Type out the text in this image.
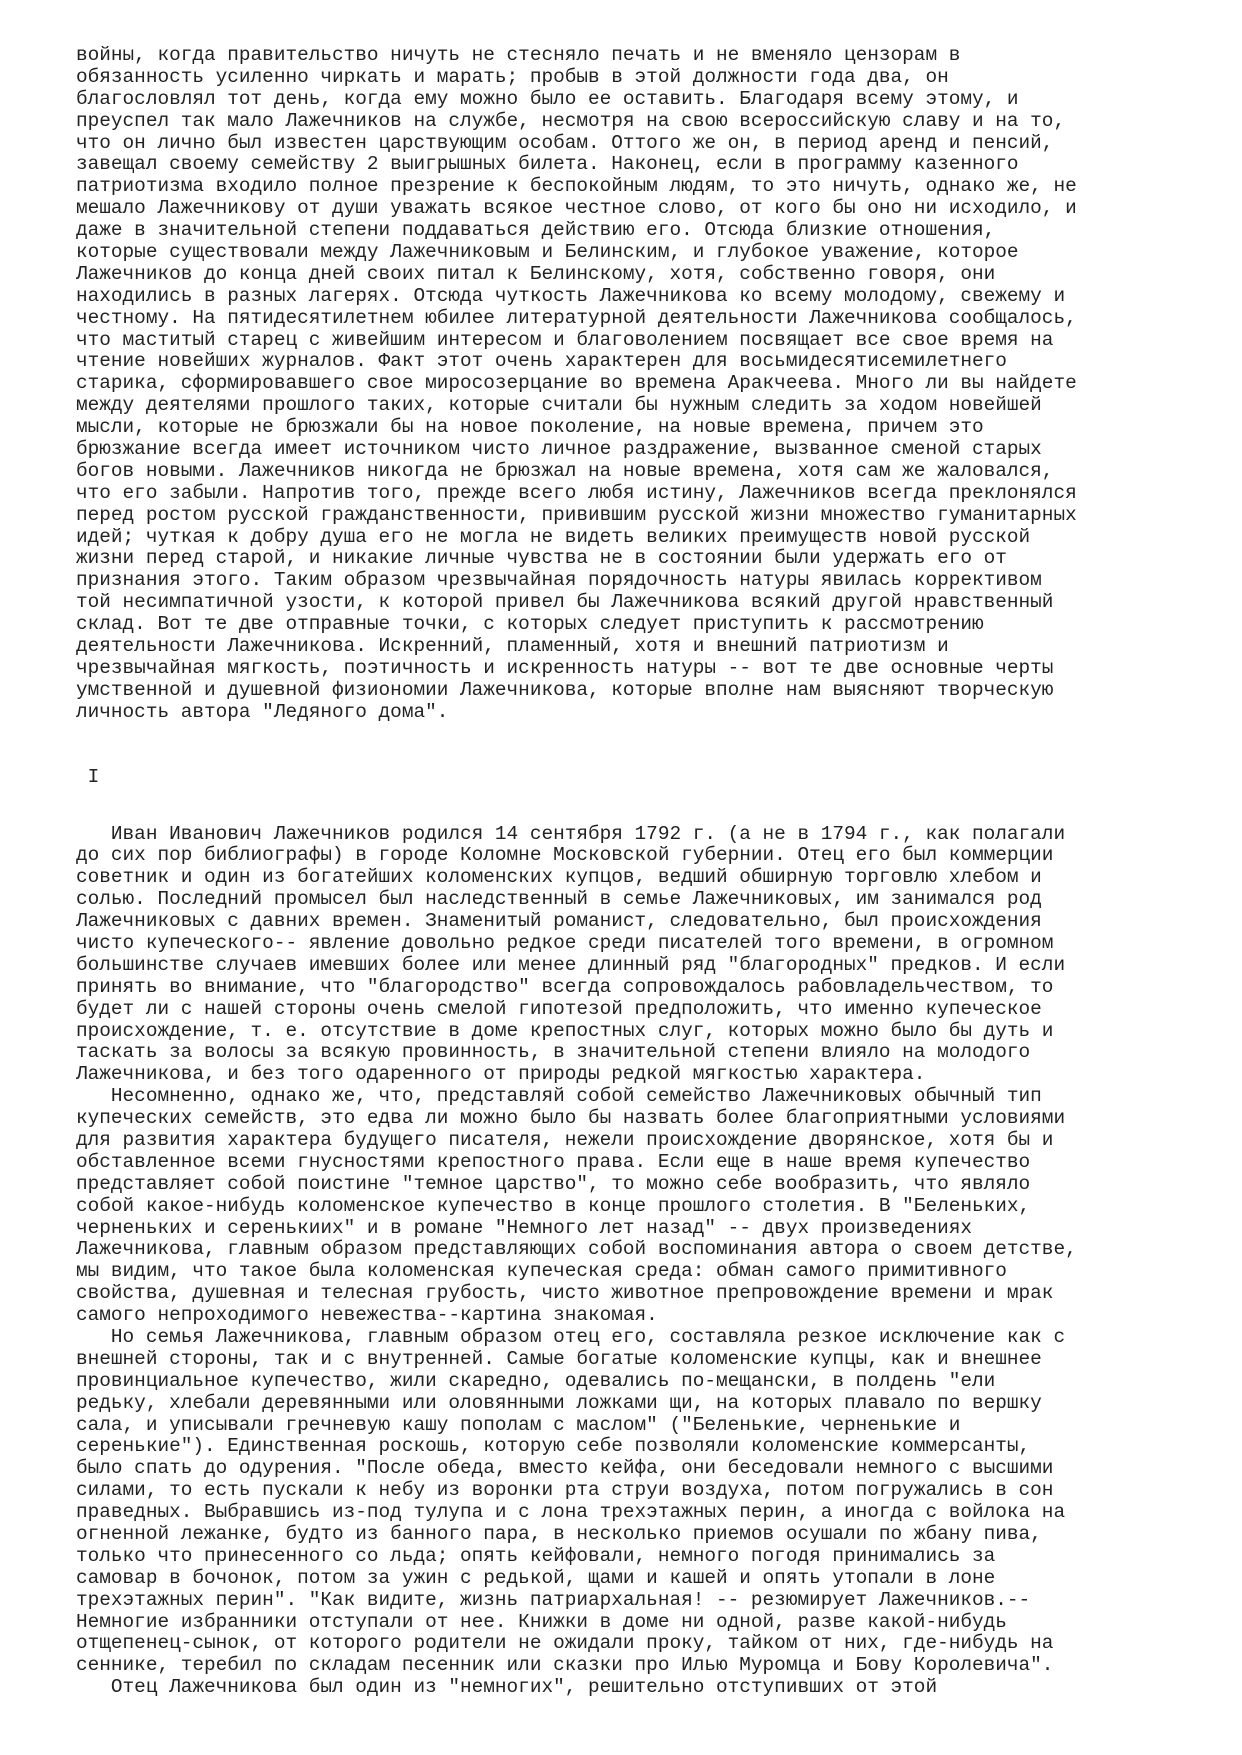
войны, когда правительство ничуть не стесняло печать и не вменяло цензорам в
обязанность усиленно чиркать и марать; пробыв в этой должности года два, он
благословлял тот день, когда ему можно было ее оставить. Благодаря всему этому, и
преуспел так мало Лажечников на службе, несмотря на свою всероссийскую славу и на то,
что он лично был известен царствующим особам. Оттого же он, в период аренд и пенсий,
завещал своему семейству 2 выигрышных билета. Наконец, если в программу казенного
патриотизма входило полное презрение к беспокойным людям, то это ничуть, однако же, не
мешало Лажечникову от души уважать всякое честное слово, от кого бы оно ни исходило, и
даже в значительной степени поддаваться действию его. Отсюда близкие отношения,
которые существовали между Лажечниковым и Белинским, и глубокое уважение, которое
Лажечников до конца дней своих питал к Белинскому, хотя, собственно говоря, они
находились в разных лагерях. Отсюда чуткость Лажечникова ко всему молодому, свежему и
честному. На пятидесятилетнем юбилее литературной деятельности Лажечникова сообщалось,
что маститый старец с живейшим интересом и благоволением посвящает все свое время на
чтение новейших журналов. Факт этот очень характерен для восьмидесятисемилетнего
старика, сформировавшего свое миросозерцание во времена Аракчеева. Много ли вы найдете
между деятелями прошлого таких, которые считали бы нужным следить за ходом новейшей
мысли, которые не брюзжали бы на новое поколение, на новые времена, причем это
брюзжание всегда имеет источником чисто личное раздражение, вызванное сменой старых
богов новыми. Лажечников никогда не брюзжал на новые времена, хотя сам же жаловался,
что его забыли. Напротив того, прежде всего любя истину, Лажечников всегда преклонялся
перед ростом русской гражданственности, привившим русской жизни множество гуманитарных
идей; чуткая к добру душа его не могла не видеть великих преимуществ новой русской
жизни перед старой, и никакие личные чувства не в состоянии были удержать его от
признания этого. Таким образом чрезвычайная порядочность натуры явилась коррективом
той несимпатичной узости, к которой привел бы Лажечникова всякий другой нравственный
склад. Вот те две отправные точки, с которых следует приступить к рассмотрению
деятельности Лажечникова. Искренний, пламенный, хотя и внешний патриотизм и
чрезвычайная мягкость, поэтичность и искренность натуры -- вот те две основные черты
умственной и душевной физиономии Лажечникова, которые вполне нам выясняют творческую
личность автора "Ледяного дома".
I
Иван Иванович Лажечников родился 14 сентября 1792 г. (а не в 1794 г., как полагали
до сих пор библиографы) в городе Коломне Московской губернии. Отец его был коммерции
советник и один из богатейших коломенских купцов, ведший обширную торговлю хлебом и
солью. Последний промысел был наследственный в семье Лажечниковых, им занимался род
Лажечниковых с давних времен. Знаменитый романист, следовательно, был происхождения
чисто купеческого-- явление довольно редкое среди писателей того времени, в огромном
большинстве случаев имевших более или менее длинный ряд "благородных" предков. И если
принять во внимание, что "благородство" всегда сопровождалось рабовладельчеством, то
будет ли с нашей стороны очень смелой гипотезой предположить, что именно купеческое
происхождение, т. е. отсутствие в доме крепостных слуг, которых можно было бы дуть и
таскать за волосы за всякую провинность, в значительной степени влияло на молодого
Лажечникова, и без того одаренного от природы редкой мягкостью характера.
Несомненно, однако же, что, представляй собой семейство Лажечниковых обычный тип
купеческих семейств, это едва ли можно было бы назвать более благоприятными условиями
для развития характера будущего писателя, нежели происхождение дворянское, хотя бы и
обставленное всеми гнусностями крепостного права. Если еще в наше время купечество
представляет собой поистине "темное царство", то можно себе вообразить, что являло
собой какое-нибудь коломенское купечество в конце прошлого столетия. В "Беленьких,
черненьких и серенькиих" и в романе "Немного лет назад" -- двух произведениях
Лажечникова, главным образом представляющих собой воспоминания автора о своем детстве,
мы видим, что такое была коломенская купеческая среда: обман самого примитивного
свойства, душевная и телесная грубость, чисто животное препровождение времени и мрак
самого непроходимого невежества--картина знакомая.
Но семья Лажечникова, главным образом отец его, составляла резкое исключение как с
внешней стороны, так и с внутренней. Самые богатые коломенские купцы, как и внешнее
провинциальное купечество, жили скаредно, одевались по-мещански, в полдень "ели
редьку, хлебали деревянными или оловянными ложками щи, на которых плавало по вершку
сала, и уписывали гречневую кашу пополам с маслом" ("Беленькие, черненькие и
серенькие"). Единственная роскошь, которую себе позволяли коломенские коммерсанты,
было спать до одурения. "После обеда, вместо кейфа, они беседовали немного с высшими
силами, то есть пускали к небу из воронки рта струи воздуха, потом погружались в сон
праведных. Выбравшись из-под тулупа и с лона трехэтажных перин, а иногда с войлока на
огненной лежанке, будто из банного пара, в несколько приемов осушали по жбану пива,
только что принесенного со льда; опять кейфовали, немного погодя принимались за
самовар в бочонок, потом за ужин с редькой, щами и кашей и опять утопали в лоне
трехэтажных перин". "Как видите, жизнь патриархальная! -- резюмирует Лажечников.--
Немногие избранники отступали от нее. Книжки в доме ни одной, разве какой-нибудь
отщепенец-сынок, от которого родители не ожидали проку, тайком от них, где-нибудь на
сеннике, теребил по складам песенник или сказки про Илью Муромца и Бову Королевича".
Отец Лажечникова был один из "немногих", решительно отступивших от этой
